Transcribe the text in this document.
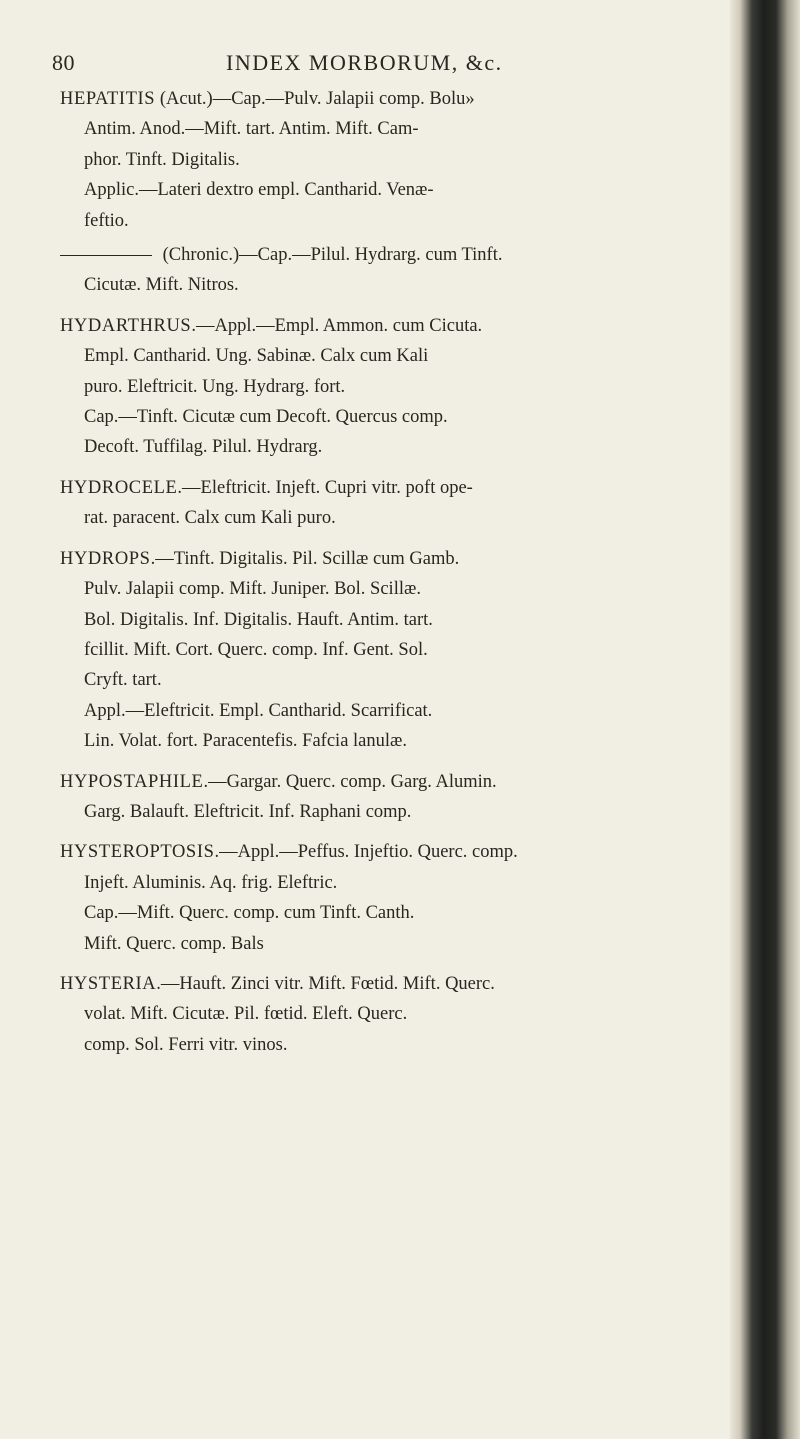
80	INDEX MORBORUM, &c.
HEPATITIS (Acut.)—Cap.—Pulv. Jalapii comp. Bolu»
Antim. Anod.—Mift. tart. Antim. Mift. Cam-
phor. Tinft. Digitalis.
Applic.—Lateri dextro empl. Cantharid. Venæ-
feftio.
(Chronic.)—Cap.—Pilul. Hydrarg. cum Tinft.
Cicutæ. Mift. Nitros.
HYDARTHRUS.—Appl.—Empl. Ammon. cum Cicuta.
Empl. Cantharid. Ung. Sabinæ. Calx cum Kali
puro. Eleftricit. Ung. Hydrarg. fort.
Cap.—Tinft. Cicutæ cum Decoft. Quercus comp.
Decoft. Tuffilag. Pilul. Hydrarg.
HYDROCELE.—Eleftricit. Injeft. Cupri vitr. poft ope-
rat. paracent. Calx cum Kali puro.
HYDROPS.—Tinft. Digitalis. Pil. Scillæ cum Gamb.
Pulv. Jalapii comp. Mift. Juniper. Bol. Scillæ.
Bol. Digitalis. Inf. Digitalis. Hauft. Antim. tart.
fcillit. Mift. Cort. Querc. comp. Inf. Gent. Sol.
Cryft. tart.
Appl.—Eleftricit. Empl. Cantharid. Scarrificat.
Lin. Volat. fort. Paracentefis. Fafcia lanulæ.
HYPOSTAPHILE.—Gargar. Querc. comp. Garg. Alumin.
Garg. Balauft. Eleftricit. Inf. Raphani comp.
HYSTEROPTOSIS.—Appl.—Peffus. Injeftio. Querc. comp.
Injeft. Aluminis. Aq. frig. Eleftric.
Cap.—Mift. Querc. comp. cum Tinft. Canth.
Mift. Querc. comp. Bals
HYSTERIA.—Hauft. Zinci vitr. Mift. Fœtid. Mift. Querc.
volat. Mift. Cicutæ. Pil. fœtid. Eleft. Querc.
comp. Sol. Ferri vitr. vinos.
